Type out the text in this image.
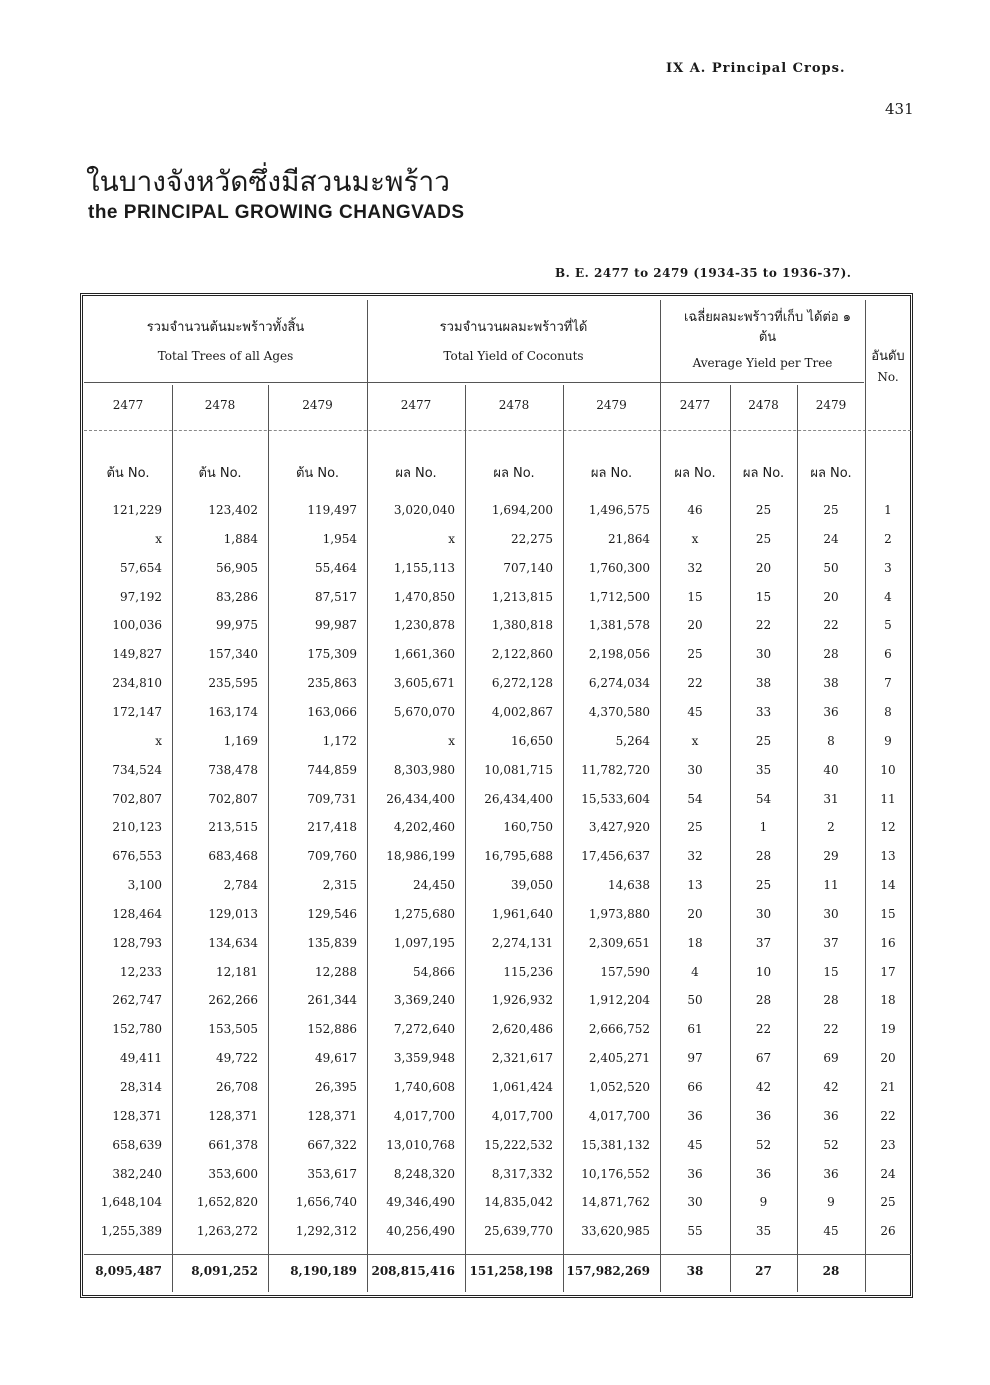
IX A. Principal Crops.
431
ในบางจังหวัดซึ่งมีสวนมะพร้าว
the PRINCIPAL GROWING CHANGVADS
B. E. 2477 to 2479 (1934-35 to 1936-37).
รวมจำนวนต้นมะพร้าวทั้งสิ้น
Total Trees of all Ages
รวมจำนวนผลมะพร้าวที่ได้
Total Yield of Coconuts
เฉลี่ยผลมะพร้าวที่เก็บ ได้ต่อ ๑ ต้น
Average Yield per Tree	อันดับ
No.
2477	2478	2479	2477	2478	2479	2477	2478	2479
ต้น No.	ต้น No.	ต้น No.	ผล No.	ผล No.	ผล No.	ผล No.	ผล No.	ผล No.
121,229	123,402	119,497	3,020,040	1,694,200	1,496,575	46	25	25	1
x	1,884	1,954	x	22,275	21,864	x	25	24	2
57,654	56,905	55,464	1,155,113	707,140	1,760,300	32	20	50	3
97,192	83,286	87,517	1,470,850	1,213,815	1,712,500	15	15	20	4
100,036	99,975	99,987	1,230,878	1,380,818	1,381,578	20	22	22	5
149,827	157,340	175,309	1,661,360	2,122,860	2,198,056	25	30	28	6
234,810	235,595	235,863	3,605,671	6,272,128	6,274,034	22	38	38	7
172,147	163,174	163,066	5,670,070	4,002,867	4,370,580	45	33	36	8
x	1,169	1,172	x	16,650	5,264	x	25	8	9
734,524	738,478	744,859	8,303,980	10,081,715	11,782,720	30	35	40	10
702,807	702,807	709,731	26,434,400	26,434,400	15,533,604	54	54	31	11
210,123	213,515	217,418	4,202,460	160,750	3,427,920	25	1	2	12
676,553	683,468	709,760	18,986,199	16,795,688	17,456,637	32	28	29	13
3,100	2,784	2,315	24,450	39,050	14,638	13	25	11	14
128,464	129,013	129,546	1,275,680	1,961,640	1,973,880	20	30	30	15
128,793	134,634	135,839	1,097,195	2,274,131	2,309,651	18	37	37	16
12,233	12,181	12,288	54,866	115,236	157,590	4	10	15	17
262,747	262,266	261,344	3,369,240	1,926,932	1,912,204	50	28	28	18
152,780	153,505	152,886	7,272,640	2,620,486	2,666,752	61	22	22	19
49,411	49,722	49,617	3,359,948	2,321,617	2,405,271	97	67	69	20
28,314	26,708	26,395	1,740,608	1,061,424	1,052,520	66	42	42	21
128,371	128,371	128,371	4,017,700	4,017,700	4,017,700	36	36	36	22
658,639	661,378	667,322	13,010,768	15,222,532	15,381,132	45	52	52	23
382,240	353,600	353,617	8,248,320	8,317,332	10,176,552	36	36	36	24
1,648,104	1,652,820	1,656,740	49,346,490	14,835,042	14,871,762	30	9	9	25
1,255,389	1,263,272	1,292,312	40,256,490	25,639,770	33,620,985	55	35	45	26
8,095,487	8,091,252	8,190,189	208,815,416	151,258,198 157,982,269	38	27	28
